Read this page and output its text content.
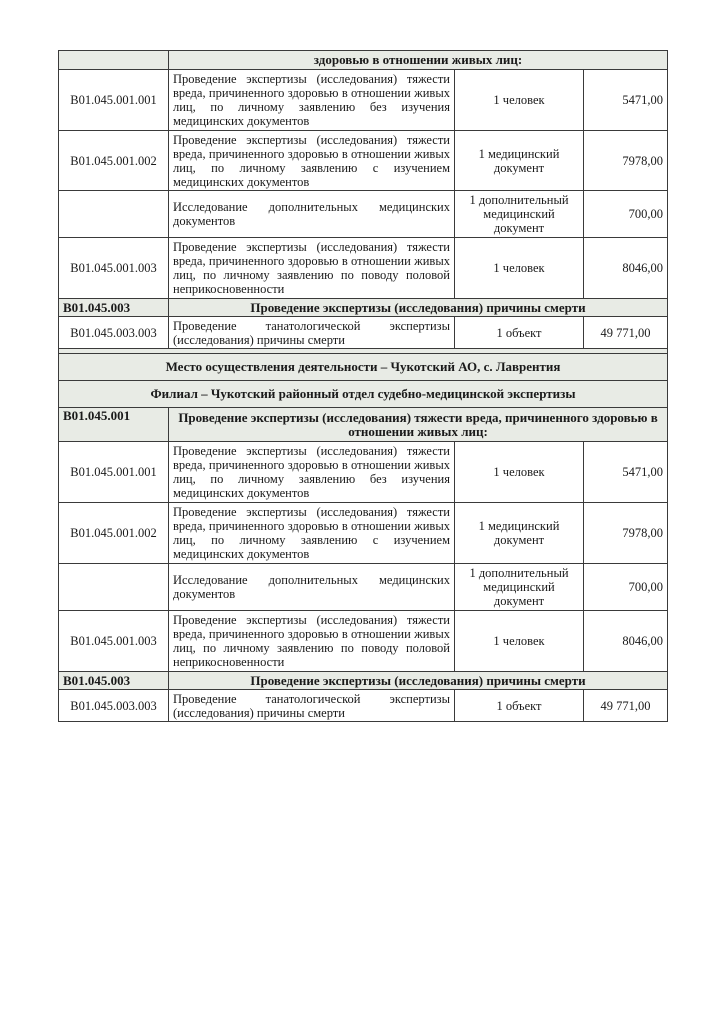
	здоровью в отношении живых лиц:		
B01.045.001.001	Проведение экспертизы (исследования) тяжести вреда, причиненного здоровью в отношении живых лиц, по личному заявлению без изучения медицинских документов	1 человек	5471,00
B01.045.001.002	Проведение экспертизы (исследования) тяжести вреда, причиненного здоровью в отношении живых лиц, по личному заявлению с изучением медицинских документов	1 медицинский документ	7978,00
	Исследование дополнительных медицинских документов	1 дополнительный медицинский документ	700,00
B01.045.001.003	Проведение экспертизы (исследования) тяжести вреда, причиненного здоровью в отношении живых лиц, по личному заявлению по поводу половой неприкосновенности	1 человек	8046,00
B01.045.003	Проведение экспертизы (исследования) причины смерти		
B01.045.003.003	Проведение танатологической экспертизы (исследования) причины смерти	1 объект	49 771,00

Место осуществления деятельности – Чукотский АО, с. Лаврентия			
Филиал – Чукотский районный отдел судебно-медицинской экспертизы			
B01.045.001	Проведение экспертизы (исследования) тяжести вреда, причиненного здоровью в отношении живых лиц:		
B01.045.001.001	Проведение экспертизы (исследования) тяжести вреда, причиненного здоровью в отношении живых лиц, по личному заявлению без изучения медицинских документов	1 человек	5471,00
B01.045.001.002	Проведение экспертизы (исследования) тяжести вреда, причиненного здоровью в отношении живых лиц, по личному заявлению с изучением медицинских документов	1 медицинский документ	7978,00
	Исследование дополнительных медицинских документов	1 дополнительный медицинский документ	700,00
B01.045.001.003	Проведение экспертизы (исследования) тяжести вреда, причиненного здоровью в отношении живых лиц, по личному заявлению по поводу половой неприкосновенности	1 человек	8046,00
B01.045.003	Проведение экспертизы (исследования) причины смерти		
B01.045.003.003	Проведение танатологической экспертизы (исследования) причины смерти	1 объект	49 771,00
